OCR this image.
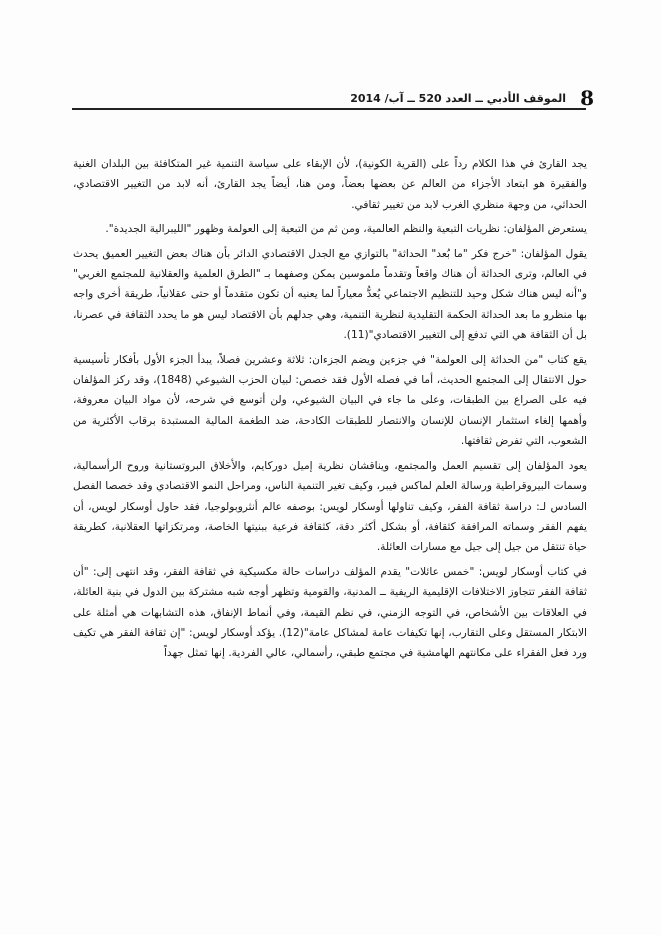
8
الموقف الأدبي ــ العدد 520 ــ آب/ 2014

يجد القارئ في هذا الكلام رداً على (القرية الكونية)، لأن الإبقاء على سياسة التنمية غير المتكافئة بين البلدان الغنية والفقيرة هو ابتعاد الأجزاء من العالم عن بعضها بعضاً، ومن هنا، أيضاً يجد القارئ، أنه لابد من التغيير الاقتصادي، الحداثي، من وجهة منظري الغرب لابد من تغيير ثقافي.

يستعرض المؤلفان: نظريات التبعية والنظم العالمية، ومن ثم من التبعية إلى العولمة وظهور "الليبرالية الجديدة".

يقول المؤلفان: "خرج فكر "ما بُعد" الحداثة" بالتوازي مع الجدل الاقتصادي الدائر بأن هناك بعض التغيير العميق يحدث في العالم، وترى الحداثة أن هناك واقعاً وتقدماً ملموسين يمكن وصفهما بـ "الطرق العلمية والعقلانية للمجتمع الغربي" و"أنه ليس هناك شكل وحيد للتنظيم الاجتماعي يُعدُّ معياراً لما يعنيه أن تكون متقدماً أو حتى عقلانياً، طريقة أخرى واجه بها منظرو ما بعد الحداثة الحكمة التقليدية لنظرية التنمية، وهي جدلهم بأن الاقتصاد ليس هو ما يحدد الثقافة في عصرنا، بل أن الثقافة هي التي تدفع إلى التغيير الاقتصادي"(11).

يقع كتاب "من الحداثة إلى العولمة" في جزءين ويضم الجزءان: ثلاثة وعشرين فصلاً، يبدأ الجزء الأول بأفكار تأسيسية حول الانتقال إلى المجتمع الحديث، أما في فصله الأول فقد خصص: لبيان الحزب الشيوعي (1848)، وقد ركز المؤلفان فيه على الصراع بين الطبقات، وعلى ما جاء في البيان الشيوعي، ولن أتوسع في شرحه، لأن مواد البيان معروفة، وأهمها إلغاء استثمار الإنسان للإنسان والانتصار للطبقات الكادحة، ضد الطغمة المالية المستبدة برقاب الأكثرية من الشعوب، التي تفرض ثقافتها.

يعود المؤلفان إلى تقسيم العمل والمجتمع، ويناقشان نظرية إميل دوركايم، والأخلاق البروتستانية وروح الرأسمالية، وسمات البيروقراطية ورسالة العلم لماكس فيبر، وكيف تغير التنمية الناس، ومراحل النمو الاقتصادي وقد خصصا الفصل السادس لـ: دراسة ثقافة الفقر، وكيف تناولها أوسكار لويس: بوصفه عالم أنثروبولوجيا، فقد حاول أوسكار لويس، أن يفهم الفقر وسماته المرافقة كثقافة، أو بشكل أكثر دقة، كثقافة فرعية ببنيتها الخاصة، ومرتكزاتها العقلانية، كطريقة حياة تنتقل من جيل إلى جيل مع مسارات العائلة.

في كتاب أوسكار لويس: "خمس عائلات" يقدم المؤلف دراسات حالة مكسيكية في ثقافة الفقر، وقد انتهى إلى: "أن ثقافة الفقر تتجاوز الاختلافات الإقليمية الريفية ــ المدنية، والقومية وتظهر أوجه شبه مشتركة بين الدول في بنية العائلة، في العلاقات بين الأشخاص، في التوجه الزمني، في نظم القيمة، وفي أنماط الإنفاق، هذه التشابهات هي أمثلة على الابتكار المستقل وعلى التقارب، إنها تكيفات عامة لمشاكل عامة"(12). يؤكد أوسكار لويس: "إن ثقافة الفقر هي تكيف ورد فعل الفقراء على مكانتهم الهامشية في مجتمع طبقي، رأسمالي، عالي الفردية. إنها تمثل جهداً
